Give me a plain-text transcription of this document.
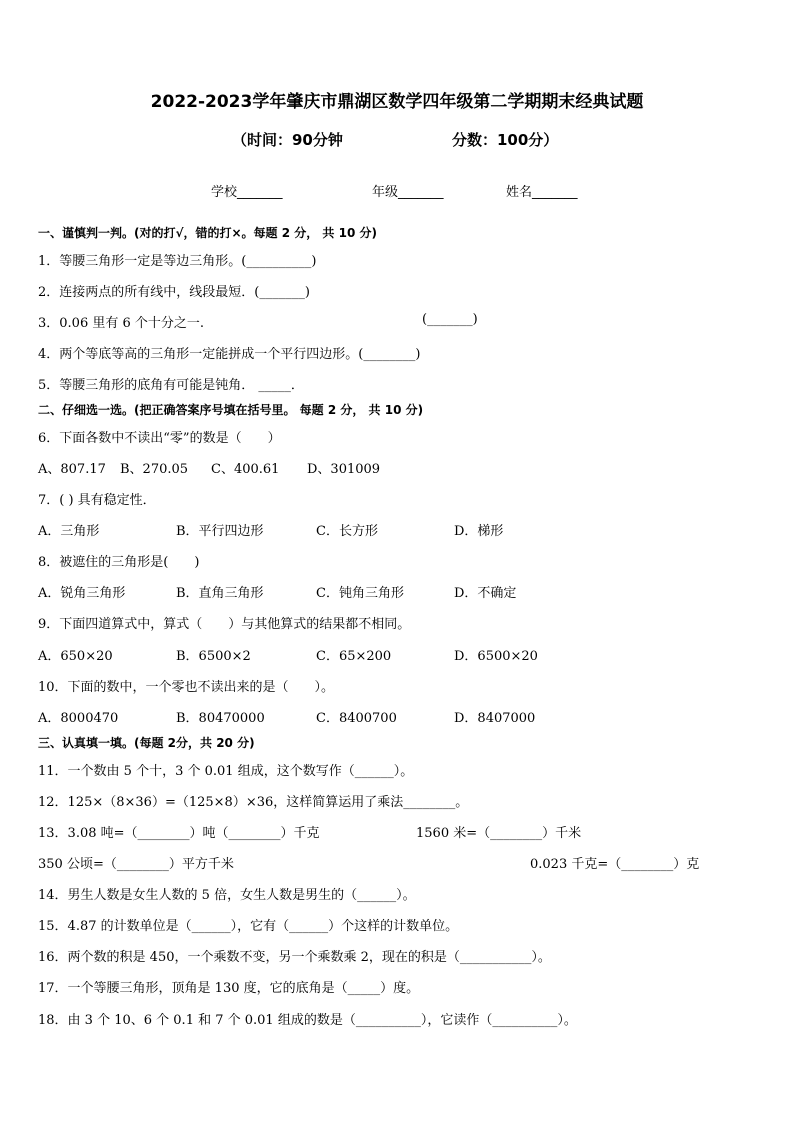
2022-2023学年肇庆市鼎湖区数学四年级第二学期期末经典试题
（时间：90分钟	分数：100分）
学校_______	年级_______	姓名_______
一、谨慎判一判。(对的打√，错的打×。每题 2 分， 共 10 分)
1．等腰三角形一定是等边三角形。(__________)
2．连接两点的所有线中，线段最短．(_______)
3．0.06 里有 6 个十分之一.	(_______)
4．两个等底等高的三角形一定能拼成一个平行四边形。(________)
5．等腰三角形的底角有可能是钝角． _____．
二、仔细选一选。(把正确答案序号填在括号里。 每题 2 分， 共 10 分)
6．下面各数中不读出“零”的数是（　　）
A、807.17 B、270.05 C、400.61 D、301009
7．( ) 具有稳定性．
A．三角形	B．平行四边形	C．长方形	D．梯形
8．被遮住的三角形是(　　)
A．锐角三角形	B．直角三角形	C．钝角三角形	D．不确定
9．下面四道算式中，算式（　　）与其他算式的结果都不相同。
A．650×20	B．6500×2	C．65×200	D．6500×20
10．下面的数中，一个零也不读出来的是（　　）。
A．8000470	B．80470000	C．8400700	D．8407000
三、认真填一填。(每题 2分，共 20 分)
11．一个数由 5 个十，3 个 0.01 组成，这个数写作（______）。
12．125×（8×36）=（125×8）×36，这样简算运用了乘法________。
13．3.08 吨=（________）吨（________）千克	1560 米=（________）千米
350 公顷=（________）平方千米	0.023 千克=（________）克
14．男生人数是女生人数的 5 倍，女生人数是男生的（______）。
15．4.87 的计数单位是（______），它有（______）个这样的计数单位。
16．两个数的积是 450，一个乘数不变，另一个乘数乘 2，现在的积是（___________）。
17．一个等腰三角形，顶角是 130 度，它的底角是（_____）度。
18．由 3 个 10、6 个 0.1 和 7 个 0.01 组成的数是（__________），它读作（__________）。
